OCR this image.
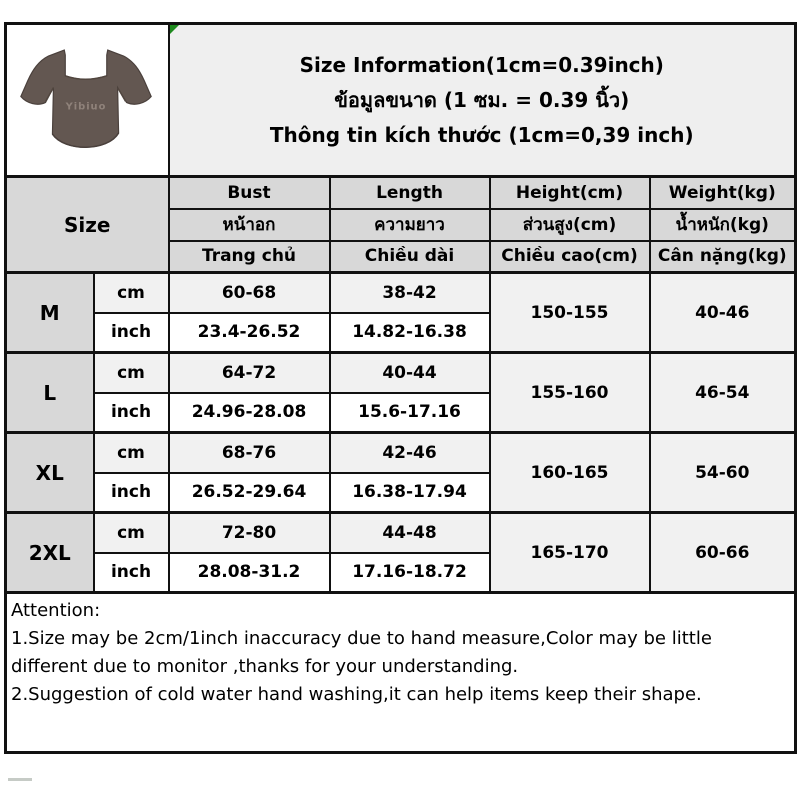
Yibiuo		Size Information(1cm=0.39inch)
ข้อมูลขนาด (1 ซม. = 0.39 นิ้ว)
Thông tin kích thước (1cm=0,39 inch)			

Size		Bust	Length	Height(cm)	Weight(kg)
		หน้าอก	ความยาว	ส่วนสูง(cm)	น้ำหนัก(kg)
		Trang chủ	Chiều dài	Chiều cao(cm)	Cân nặng(kg)
M	cm	60-68	38-42	150-155	40-46
	inch	23.4-26.52	14.82-16.38		
L	cm	64-72	40-44	155-160	46-54
	inch	24.96-28.08	15.6-17.16		
XL	cm	68-76	42-46	160-165	54-60
	inch	26.52-29.64	16.38-17.94		
2XL	cm	72-80	44-48	165-170	60-66
	inch	28.08-31.2	17.16-18.72		

Attention:
1.Size may be 2cm/1inch inaccuracy due to hand measure,Color may be little different due to monitor ,thanks for your understanding.
2.Suggestion of cold water hand washing,it can help items keep their shape.					
